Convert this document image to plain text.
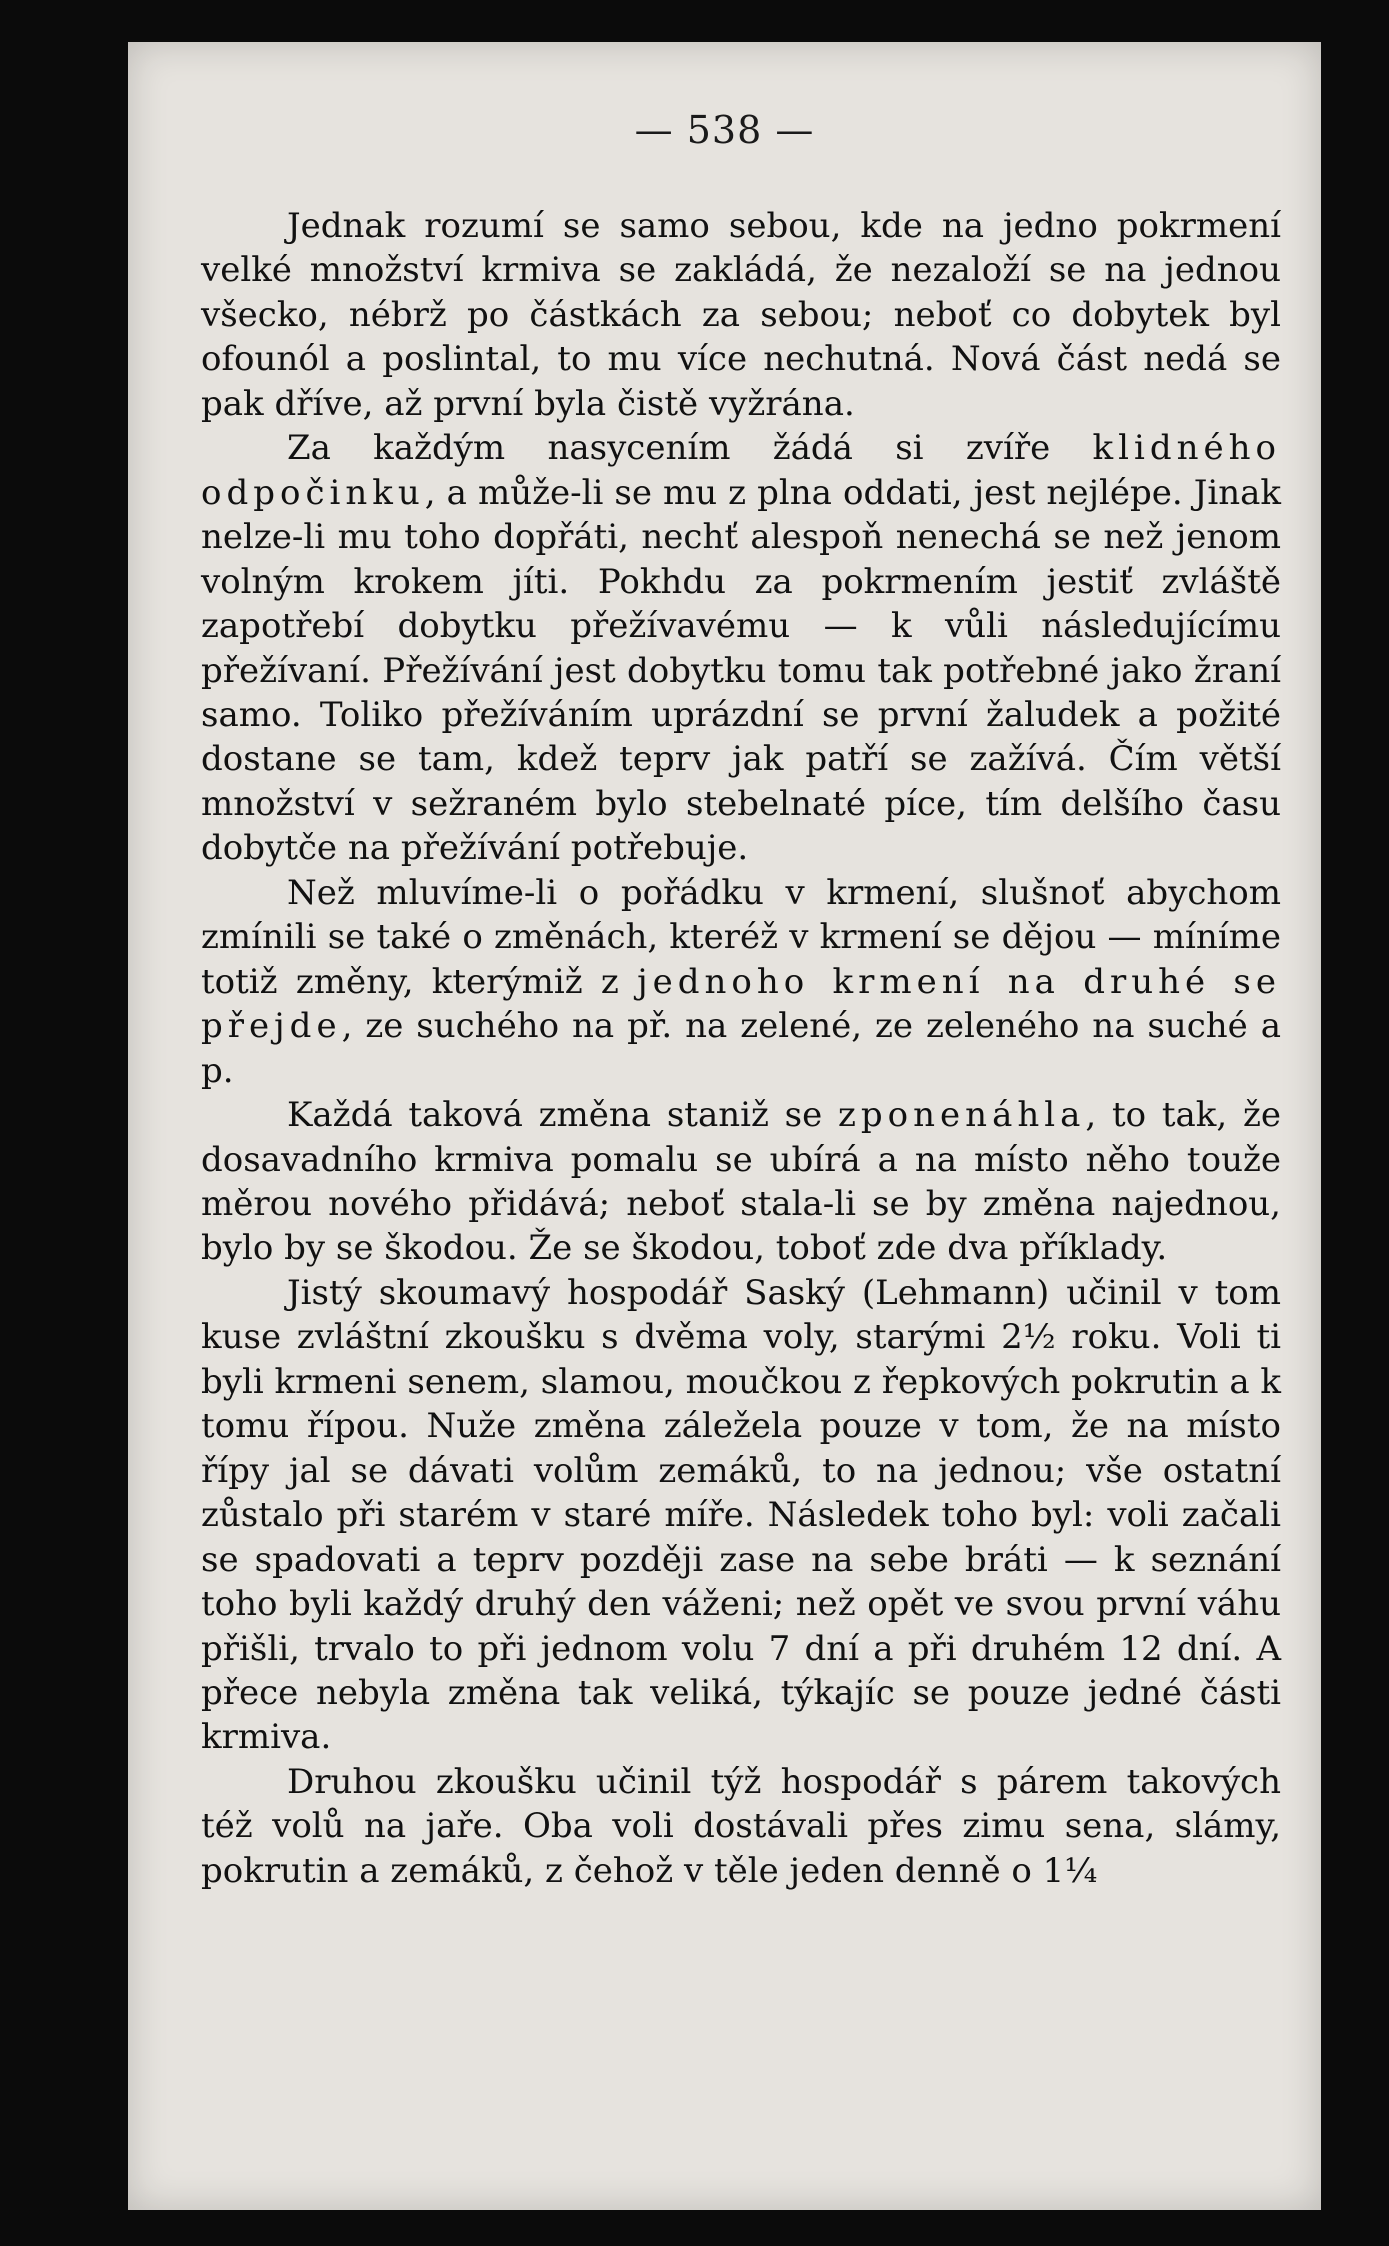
— 538 —

Jednak rozumí se samo sebou, kde na jedno pokrmení velké množství krmiva se zakládá, že nezaloží se na jednou všecko, nébrž po částkách za sebou; neboť co dobytek byl ofounól a poslintal, to mu více nechutná. Nová část nedá se pak dříve, až první byla čistě vyžrána.

Za každým nasycením žádá si zvíře klidného odpočinku, a může-li se mu z plna oddati, jest nejlépe. Jinak nelze-li mu toho dopřáti, nechť alespoň nenechá se než jenom volným krokem jíti. Pokhdu za pokrmením jestiť zvláště zapotřebí dobytku přežívavému — k vůli následujícímu přežívaní. Přežívání jest dobytku tomu tak potřebné jako žraní samo. Toliko přežíváním uprázdní se první žaludek a požité dostane se tam, kdež teprv jak patří se zažívá. Čím větší množství v sežraném bylo stebelnaté píce, tím delšího času dobytče na přežívání potřebuje.

Než mluvíme-li o pořádku v krmení, slušnoť abychom zmínili se také o změnách, kteréž v krmení se dějou — míníme totiž změny, kterýmiž z jednoho krmení na druhé se přejde, ze suchého na př. na zelené, ze zeleného na suché a p.

Každá taková změna staniž se zponenáhla, to tak, že dosavadního krmiva pomalu se ubírá a na místo něho touže měrou nového přidává; neboť stala-li se by změna najednou, bylo by se škodou. Že se škodou, toboť zde dva příklady.

Jistý skoumavý hospodář Saský (Lehmann) učinil v tom kuse zvláštní zkoušku s dvěma voly, starými 2½ roku. Voli ti byli krmeni senem, slamou, moučkou z řepkových pokrutin a k tomu řípou. Nuže změna záležela pouze v tom, že na místo řípy jal se dávati volům zemáků, to na jednou; vše ostatní zůstalo při starém v staré míře. Následek toho byl: voli začali se spadovati a teprv později zase na sebe bráti — k seznání toho byli každý druhý den váženi; než opět ve svou první váhu přišli, trvalo to při jednom volu 7 dní a při druhém 12 dní. A přece nebyla změna tak veliká, týkajíc se pouze jedné části krmiva.

Druhou zkoušku učinil týž hospodář s párem takových též volů na jaře. Oba voli dostávali přes zimu sena, slámy, pokrutin a zemáků, z čehož v těle jeden denně o 1¼
